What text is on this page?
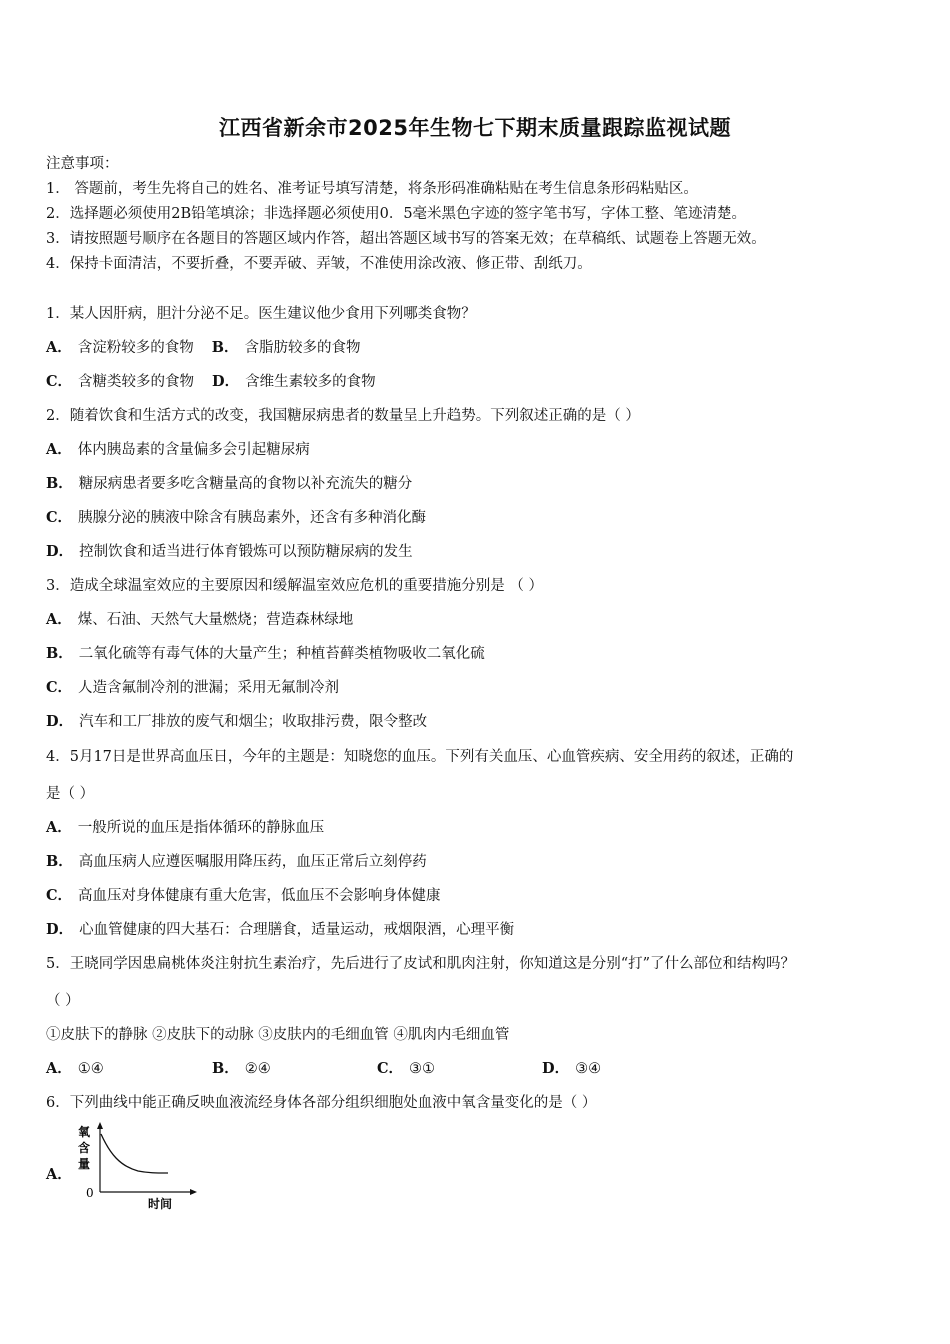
江西省新余市2025年生物七下期末质量跟踪监视试题
注意事项：
1． 答题前，考生先将自己的姓名、准考证号填写清楚，将条形码准确粘贴在考生信息条形码粘贴区。
2．选择题必须使用2B铅笔填涂；非选择题必须使用0．5毫米黑色字迹的签字笔书写，字体工整、笔迹清楚。
3．请按照题号顺序在各题目的答题区域内作答，超出答题区域书写的答案无效；在草稿纸、试题卷上答题无效。
4．保持卡面清洁，不要折叠，不要弄破、弄皱，不准使用涂改液、修正带、刮纸刀。
1．某人因肝病，胆汁分泌不足。医生建议他少食用下列哪类食物？
A． 含淀粉较多的食物 B． 含脂肪较多的食物
C． 含糖类较多的食物 D． 含维生素较多的食物
2．随着饮食和生活方式的改变，我国糖尿病患者的数量呈上升趋势。下列叙述正确的是（ ）
A． 体内胰岛素的含量偏多会引起糖尿病
B． 糖尿病患者要多吃含糖量高的食物以补充流失的糖分
C． 胰腺分泌的胰液中除含有胰岛素外，还含有多种消化酶
D． 控制饮食和适当进行体育锻炼可以预防糖尿病的发生
3．造成全球温室效应的主要原因和缓解温室效应危机的重要措施分别是 （ ）
A． 煤、石油、天然气大量燃烧；营造森林绿地
B． 二氧化硫等有毒气体的大量产生；种植苔藓类植物吸收二氧化硫
C． 人造含氟制冷剂的泄漏；采用无氟制冷剂
D． 汽车和工厂排放的废气和烟尘；收取排污费，限令整改
4．5月17日是世界高血压日，今年的主题是：知晓您的血压。下列有关血压、心血管疾病、安全用药的叙述，正确的
是（ ）
A． 一般所说的血压是指体循环的静脉血压
B． 高血压病人应遵医嘱服用降压药，血压正常后立刻停药
C． 高血压对身体健康有重大危害，低血压不会影响身体健康
D． 心血管健康的四大基石：合理膳食，适量运动，戒烟限酒，心理平衡
5．王晓同学因患扁桃体炎注射抗生素治疗，先后进行了皮试和肌肉注射，你知道这是分别“打”了什么部位和结构吗？
（ ）
①皮肤下的静脉 ②皮肤下的动脉 ③皮肤内的毛细血管 ④肌肉内毛细血管
A． ①④	B． ②④	C． ③①	D． ③④
6．下列曲线中能正确反映血液流经身体各部分组织细胞处血液中氧含量变化的是（ ）
A．
氧
含
量
0
时间
